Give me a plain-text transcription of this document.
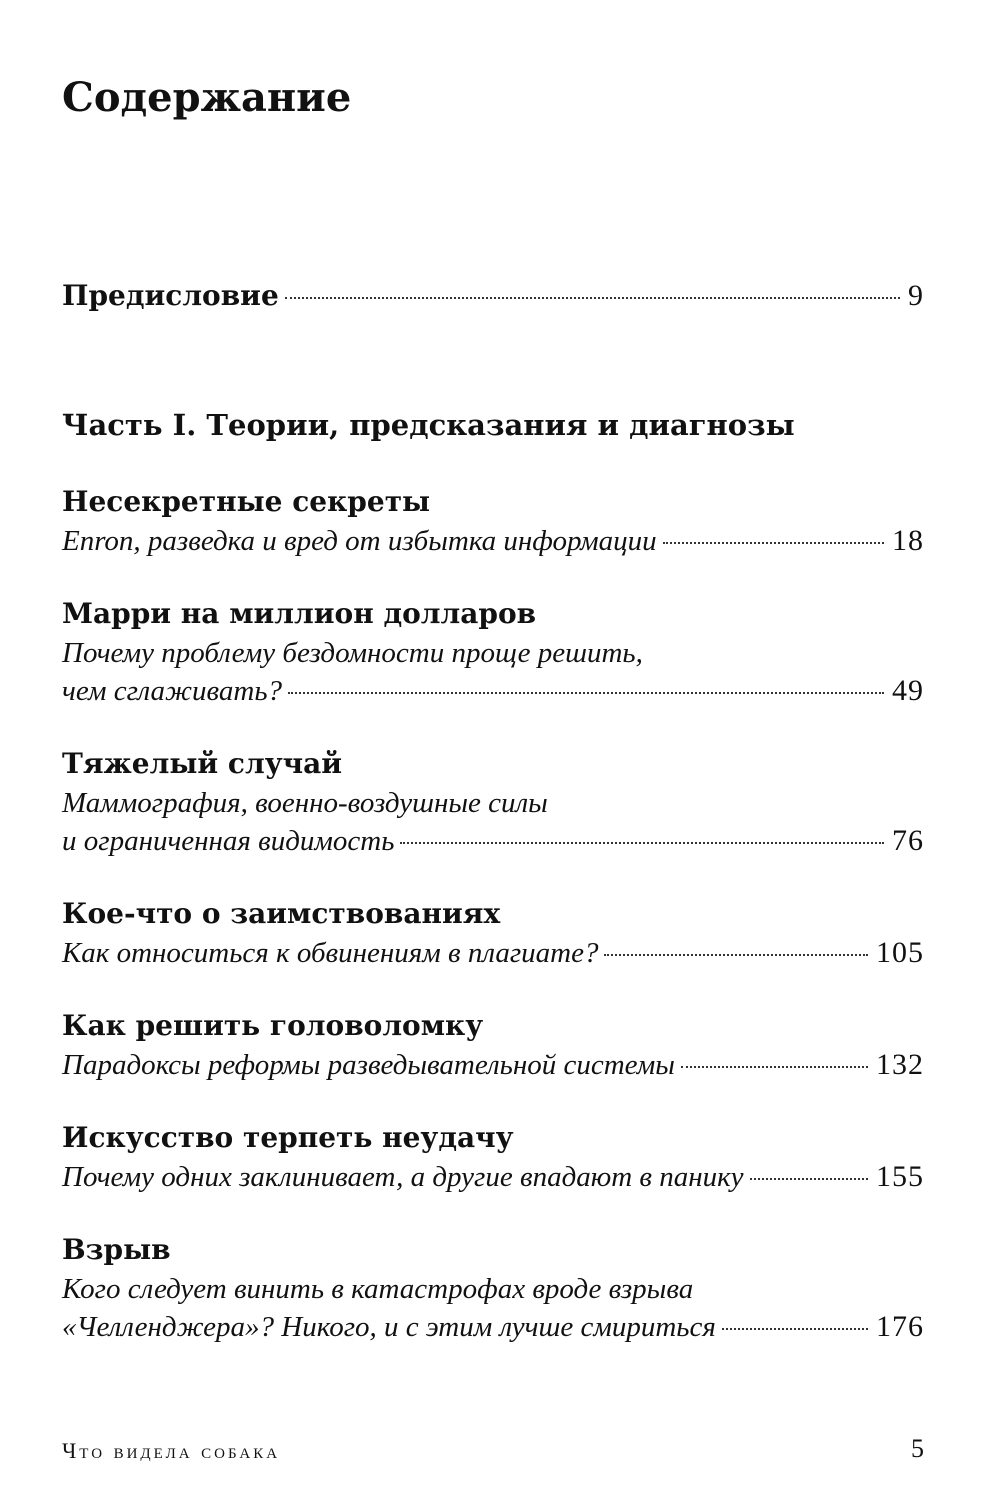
Содержание
Предисловие	9
Часть I. Теории, предсказания и диагнозы
Несекретные секреты
Enron, разведка и вред от избытка информации	18
Марри на миллион долларов
Почему проблему бездомности проще решить,
чем сглаживать?	49
Тяжелый случай
Маммография, военно-воздушные силы
и ограниченная видимость	76
Кое-что о заимствованиях
Как относиться к обвинениям в плагиате?	105
Как решить головоломку
Парадоксы реформы разведывательной системы	132
Искусство терпеть неудачу
Почему одних заклинивает, а другие впадают в панику	155
Взрыв
Кого следует винить в катастрофах вроде взрыва
«Челленджера»? Никого, и с этим лучше смириться	176
Что видела собака	5
